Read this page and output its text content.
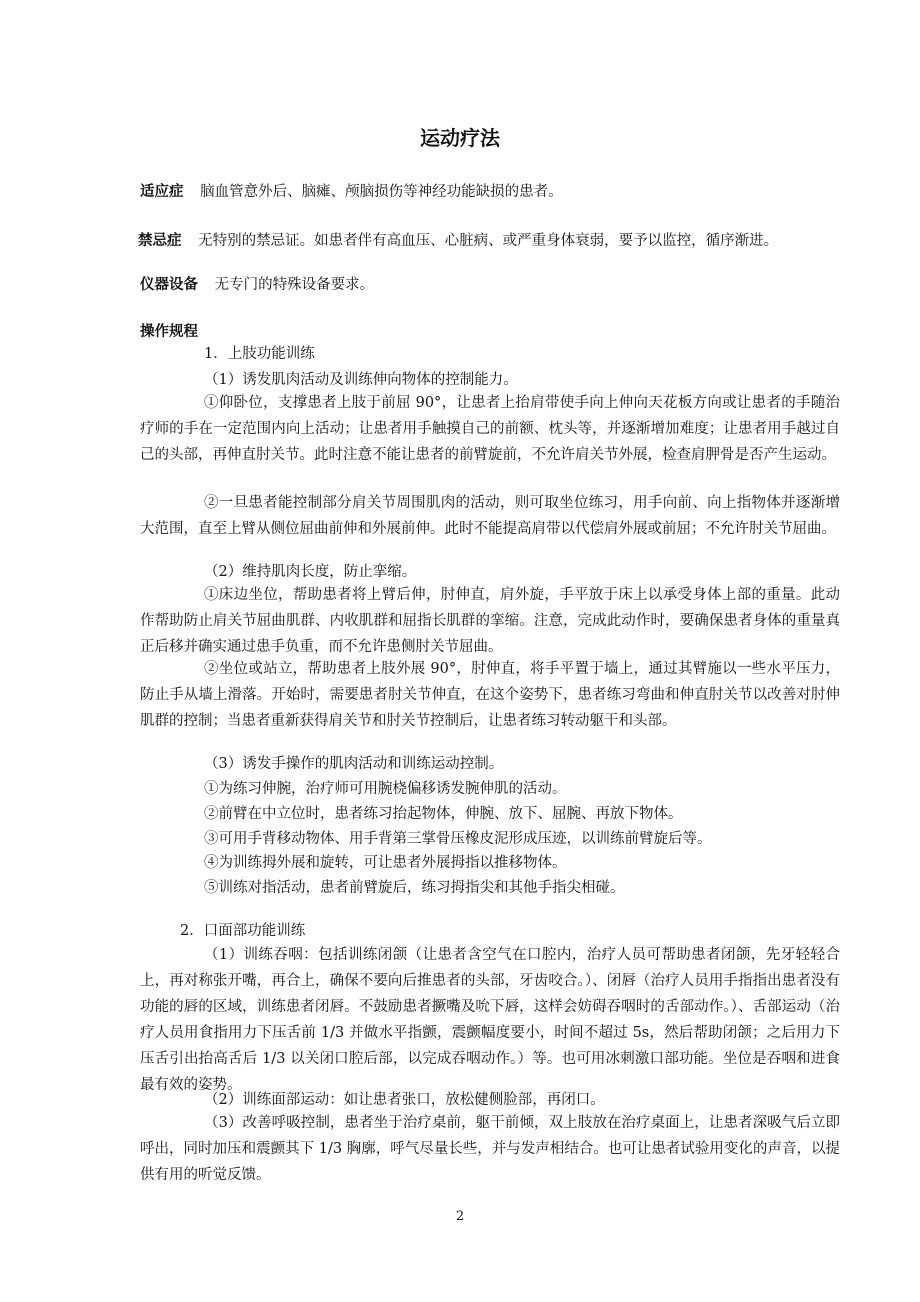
运动疗法
适应症 脑血管意外后、脑瘫、颅脑损伤等神经功能缺损的患者。
禁忌症 无特别的禁忌证。如患者伴有高血压、心脏病、或严重身体衰弱，要予以监控，循序渐进。
仪器设备 无专门的特殊设备要求。
操作规程
1．上肢功能训练
（1）诱发肌肉活动及训练伸向物体的控制能力。
①仰卧位，支撑患者上肢于前屈 90°，让患者上抬肩带使手向上伸向天花板方向或让患者的手随治疗师的手在一定范围内向上活动；让患者用手触摸自己的前额、枕头等，并逐渐增加难度；让患者用手越过自己的头部，再伸直肘关节。此时注意不能让患者的前臂旋前，不允许肩关节外展，检查肩胛骨是否产生运动。
②一旦患者能控制部分肩关节周围肌肉的活动，则可取坐位练习，用手向前、向上指物体并逐渐增大范围，直至上臂从侧位屈曲前伸和外展前伸。此时不能提高肩带以代偿肩外展或前屈；不允许肘关节屈曲。
（2）维持肌肉长度，防止挛缩。
①床边坐位，帮助患者将上臂后伸，肘伸直，肩外旋，手平放于床上以承受身体上部的重量。此动作帮助防止肩关节屈曲肌群、内收肌群和屈指长肌群的挛缩。注意，完成此动作时，要确保患者身体的重量真正后移并确实通过患手负重，而不允许患侧肘关节屈曲。
②坐位或站立，帮助患者上肢外展 90°，肘伸直，将手平置于墙上，通过其臂施以一些水平压力，防止手从墙上滑落。开始时，需要患者肘关节伸直，在这个姿势下，患者练习弯曲和伸直肘关节以改善对肘伸肌群的控制；当患者重新获得肩关节和肘关节控制后，让患者练习转动躯干和头部。
（3）诱发手操作的肌肉活动和训练运动控制。
①为练习伸腕，治疗师可用腕桡偏移诱发腕伸肌的活动。
②前臂在中立位时，患者练习抬起物体，伸腕、放下、屈腕、再放下物体。
③可用手背移动物体、用手背第三掌骨压橡皮泥形成压迹，以训练前臂旋后等。
④为训练拇外展和旋转，可让患者外展拇指以推移物体。
⑤训练对指活动，患者前臂旋后，练习拇指尖和其他手指尖相碰。
2．口面部功能训练
（1）训练吞咽：包括训练闭颌（让患者含空气在口腔内，治疗人员可帮助患者闭颌，先牙轻轻合上，再对称张开嘴，再合上，确保不要向后推患者的头部，牙齿咬合。）、闭唇（治疗人员用手指指出患者没有功能的唇的区域，训练患者闭唇。不鼓励患者撅嘴及吮下唇，这样会妨碍吞咽时的舌部动作。）、舌部运动（治疗人员用食指用力下压舌前 1/3 并做水平指颤，震颤幅度要小，时间不超过 5s，然后帮助闭颌；之后用力下压舌引出抬高舌后 1/3 以关闭口腔后部，以完成吞咽动作。）等。也可用冰刺激口部功能。坐位是吞咽和进食最有效的姿势。
（2）训练面部运动：如让患者张口，放松健侧脸部，再闭口。
（3）改善呼吸控制，患者坐于治疗桌前，躯干前倾，双上肢放在治疗桌面上，让患者深吸气后立即呼出，同时加压和震颤其下 1/3 胸廓，呼气尽量长些，并与发声相结合。也可让患者试验用变化的声音，以提供有用的听觉反馈。
2
